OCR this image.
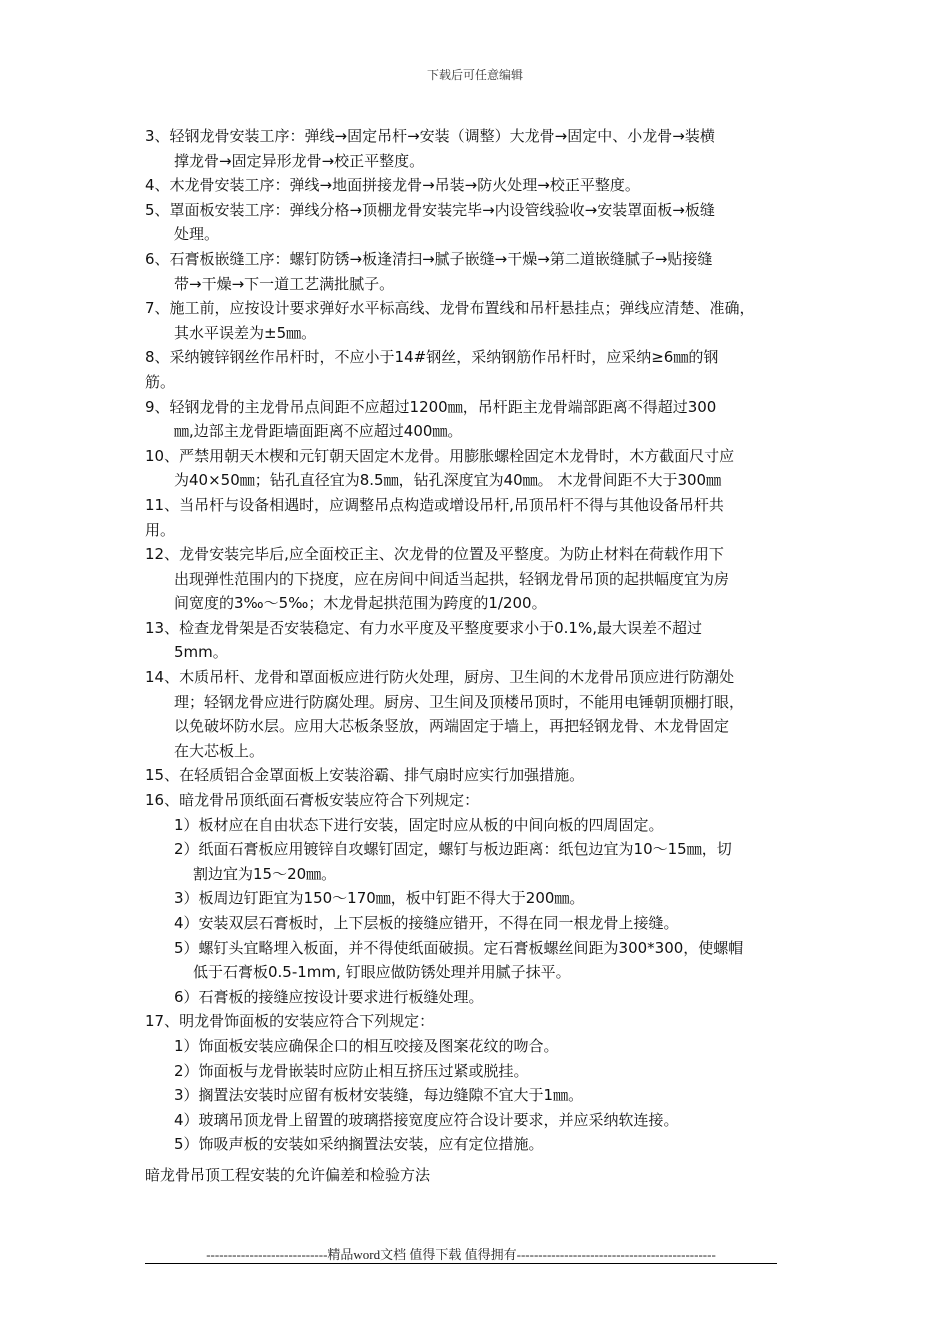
下载后可任意编辑
3、轻钢龙骨安装工序：弹线→固定吊杆→安装（调整）大龙骨→固定中、小龙骨→装横
撑龙骨→固定异形龙骨→校正平整度。
4、木龙骨安装工序：弹线→地面拼接龙骨→吊装→防火处理→校正平整度。
5、罩面板安装工序：弹线分格→顶棚龙骨安装完毕→内设管线验收→安装罩面板→板缝
处理。
6、石膏板嵌缝工序：螺钉防锈→板逢清扫→腻子嵌缝→干燥→第二道嵌缝腻子→贴接缝
带→干燥→下一道工艺满批腻子。
7、施工前，应按设计要求弹好水平标高线、龙骨布置线和吊杆悬挂点；弹线应清楚、准确，
其水平误差为±5㎜。
8、采纳镀锌钢丝作吊杆时，不应小于14#钢丝，采纳钢筋作吊杆时，应采纳≥6㎜的钢
筋。
9、轻钢龙骨的主龙骨吊点间距不应超过1200㎜，吊杆距主龙骨端部距离不得超过300
㎜,边部主龙骨距墙面距离不应超过400㎜。
10、严禁用朝天木楔和元钉朝天固定木龙骨。用膨胀螺栓固定木龙骨时，木方截面尺寸应
为40×50㎜；钻孔直径宜为8.5㎜，钻孔深度宜为40㎜。 木龙骨间距不大于300㎜
11、当吊杆与设备相遇时，应调整吊点构造或增设吊杆,吊顶吊杆不得与其他设备吊杆共
用。
12、龙骨安装完毕后,应全面校正主、次龙骨的位置及平整度。为防止材料在荷载作用下
出现弹性范围内的下挠度，应在房间中间适当起拱，轻钢龙骨吊顶的起拱幅度宜为房
间宽度的3‰～5‰；木龙骨起拱范围为跨度的1/200。
13、检查龙骨架是否安装稳定、有力水平度及平整度要求小于0.1%,最大误差不超过
5mm。
14、木质吊杆、龙骨和罩面板应进行防火处理，厨房、卫生间的木龙骨吊顶应进行防潮处
理；轻钢龙骨应进行防腐处理。厨房、卫生间及顶楼吊顶时，不能用电锤朝顶棚打眼，
以免破坏防水层。应用大芯板条竖放，两端固定于墙上，再把轻钢龙骨、木龙骨固定
在大芯板上。
15、在轻质铝合金罩面板上安装浴霸、排气扇时应实行加强措施。
16、暗龙骨吊顶纸面石膏板安装应符合下列规定：
1）板材应在自由状态下进行安装，固定时应从板的中间向板的四周固定。
2）纸面石膏板应用镀锌自攻螺钉固定，螺钉与板边距离：纸包边宜为10～15㎜，切
割边宜为15～20㎜。
3）板周边钉距宜为150～170㎜，板中钉距不得大于200㎜。
4）安装双层石膏板时，上下层板的接缝应错开，不得在同一根龙骨上接缝。
5）螺钉头宜略埋入板面，并不得使纸面破损。定石膏板螺丝间距为300*300，使螺帽
低于石膏板0.5-1mm, 钉眼应做防锈处理并用腻子抹平。
6）石膏板的接缝应按设计要求进行板缝处理。
17、明龙骨饰面板的安装应符合下列规定：
1）饰面板安装应确保企口的相互咬接及图案花纹的吻合。
2）饰面板与龙骨嵌装时应防止相互挤压过紧或脱挂。
3）搁置法安装时应留有板材安装缝，每边缝隙不宜大于1㎜。
4）玻璃吊顶龙骨上留置的玻璃搭接宽度应符合设计要求，并应采纳软连接。
5）饰吸声板的安装如采纳搁置法安装，应有定位措施。
暗龙骨吊顶工程安装的允许偏差和检验方法
----------------------------精品word文档 值得下载 值得拥有----------------------------------------------
